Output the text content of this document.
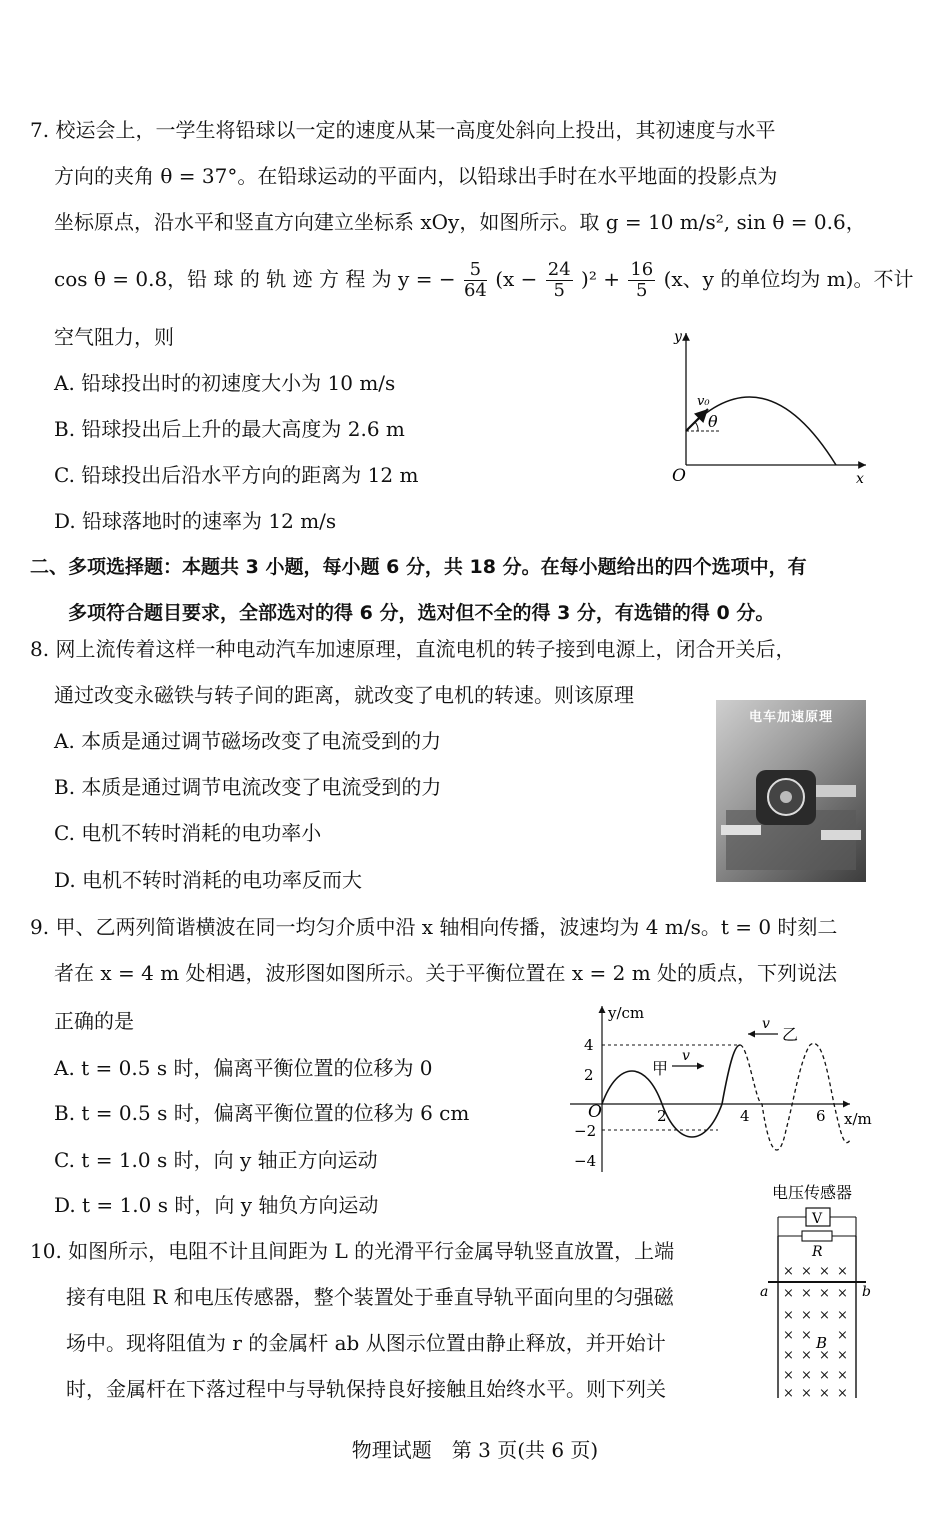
7. 校运会上，一学生将铅球以一定的速度从某一高度处斜向上投出，其初速度与水平
方向的夹角 θ = 37°。在铅球运动的平面内，以铅球出手时在水平地面的投影点为
坐标原点，沿水平和竖直方向建立坐标系 xOy，如图所示。取 g = 10 m/s², sin θ = 0.6，
cos θ = 0.8，铅 球 的 轨 迹 方 程 为 y = − $\frac{5}{64} (x - \frac{24}{5} )^2 + \frac{16}{5} (x$、y 的单位均为 m)。不计
空气阻力，则
A. 铅球投出时的初速度大小为 10 m/s
B. 铅球投出后上升的最大高度为 2.6 m
C. 铅球投出后沿水平方向的距离为 12 m
D. 铅球落地时的速率为 12 m/s
y
x
O
v₀
θ
二、多项选择题：本题共 3 小题，每小题 6 分，共 18 分。在每小题给出的四个选项中，有
多项符合题目要求，全部选对的得 6 分，选对但不全的得 3 分，有选错的得 0 分。
8. 网上流传着这样一种电动汽车加速原理，直流电机的转子接到电源上，闭合开关后，
通过改变永磁铁与转子间的距离，就改变了电机的转速。则该原理
A. 本质是通过调节磁场改变了电流受到的力
B. 本质是通过调节电流改变了电流受到的力
C. 电机不转时消耗的电功率小
D. 电机不转时消耗的电功率反而大
电车加速原理
9. 甲、乙两列简谐横波在同一均匀介质中沿 x 轴相向传播，波速均为 4 m/s。t = 0 时刻二
者在 x = 4 m 处相遇，波形图如图所示。关于平衡位置在 x = 2 m 处的质点，下列说法
正确的是
A. t = 0.5 s 时，偏离平衡位置的位移为 0
B. t = 0.5 s 时，偏离平衡位置的位移为 6 cm
C. t = 1.0 s 时，向 y 轴正方向运动
D. t = 1.0 s 时，向 y 轴负方向运动
y/cm
x/m
O
4
2
−2
−4
2	4	6
甲
v
乙
v
10. 如图所示，电阻不计且间距为 L 的光滑平行金属导轨竖直放置，上端
接有电阻 R 和电压传感器，整个装置处于垂直导轨平面向里的匀强磁
场中。现将阻值为 r 的金属杆 ab 从图示位置由静止释放，并开始计
时，金属杆在下落过程中与导轨保持良好接触且始终水平。则下列关
电压传感器
V
R
a	b
× × × ×
× × × ×
× × × ×
× × ×
× × × ×
× × × ×
× × × ×
B
物理试题　第 3 页(共 6 页)
